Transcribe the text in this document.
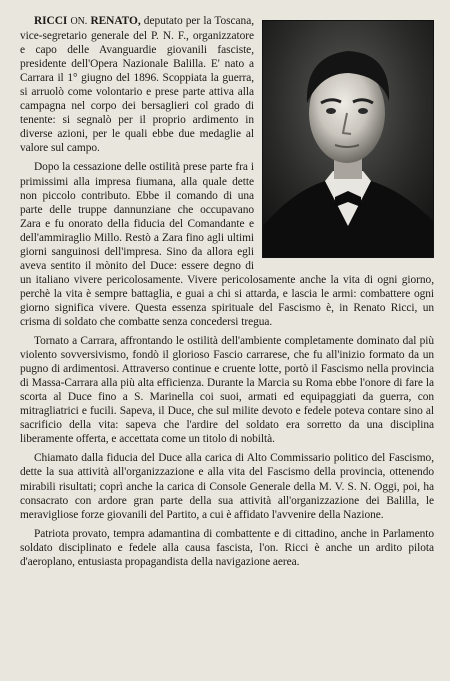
RICCI ON. RENATO, deputato per la Toscana, vice-segretario generale del P. N. F., organizzatore e capo delle Avanguardie giovanili fasciste, presidente dell'Opera Nazionale Balilla. E' nato a Carrara il 1° giugno del 1896. Scoppiata la guerra, si arruolò come volontario e prese parte attiva alla campagna nel corpo dei bersaglieri col grado di tenente: si segnalò per il proprio ardimento in diverse azioni, per le quali ebbe due medaglie al valore sul campo.

Dopo la cessazione delle ostilità prese parte fra i primissimi alla impresa fiumana, alla quale dette non piccolo contributo. Ebbe il comando di una parte delle truppe dannunziane che occupavano Zara e fu onorato della fiducia del Comandante e dell'ammiraglio Millo. Restò a Zara fino agli ultimi giorni sanguinosi dell'impresa. Sino da allora egli aveva sentito il mònito del Duce: essere degno di un italiano vivere pericolosamente. Vivere pericolosamente anche la vita di ogni giorno, perchè la vita è sempre battaglia, e guai a chi si attarda, e lascia le armi: combattere ogni giorno significa vivere. Questa essenza spirituale del Fascismo è, in Renato Ricci, un crisma di soldato che combatte senza concedersi tregua.

Tornato a Carrara, affrontando le ostilità dell'ambiente completamente dominato dal più violento sovversivismo, fondò il glorioso Fascio carrarese, che fu all'inizio formato da un pugno di ardimentosi. Attraverso continue e cruente lotte, portò il Fascismo nella provincia di Massa-Carrara alla più alta efficienza. Durante la Marcia su Roma ebbe l'onore di fare la scorta al Duce fino a S. Marinella coi suoi, armati ed equipaggiati da guerra, con mitragliatrici e fucili. Sapeva, il Duce, che sul milite devoto e fedele poteva contare sino al sacrificio della vita: sapeva che l'ardire del soldato era sorretto da una disciplina liberamente offerta, e accettata come un titolo di nobiltà.

Chiamato dalla fiducia del Duce alla carica di Alto Commissario politico del Fascismo, dette la sua attività all'organizzazione e alla vita del Fascismo della provincia, ottenendo mirabili risultati; coprì anche la carica di Console Generale della M. V. S. N. Oggi, poi, ha consacrato con ardore gran parte della sua attività all'organizzazione dei Balilla, le meravigliose forze giovanili del Partito, a cui è affidato l'avvenire della Nazione.

Patriota provato, tempra adamantina di combattente e di cittadino, anche in Parlamento soldato disciplinato e fedele alla causa fascista, l'on. Ricci è anche un ardito pilota d'aeroplano, entusiasta propagandista della navigazione aerea.
